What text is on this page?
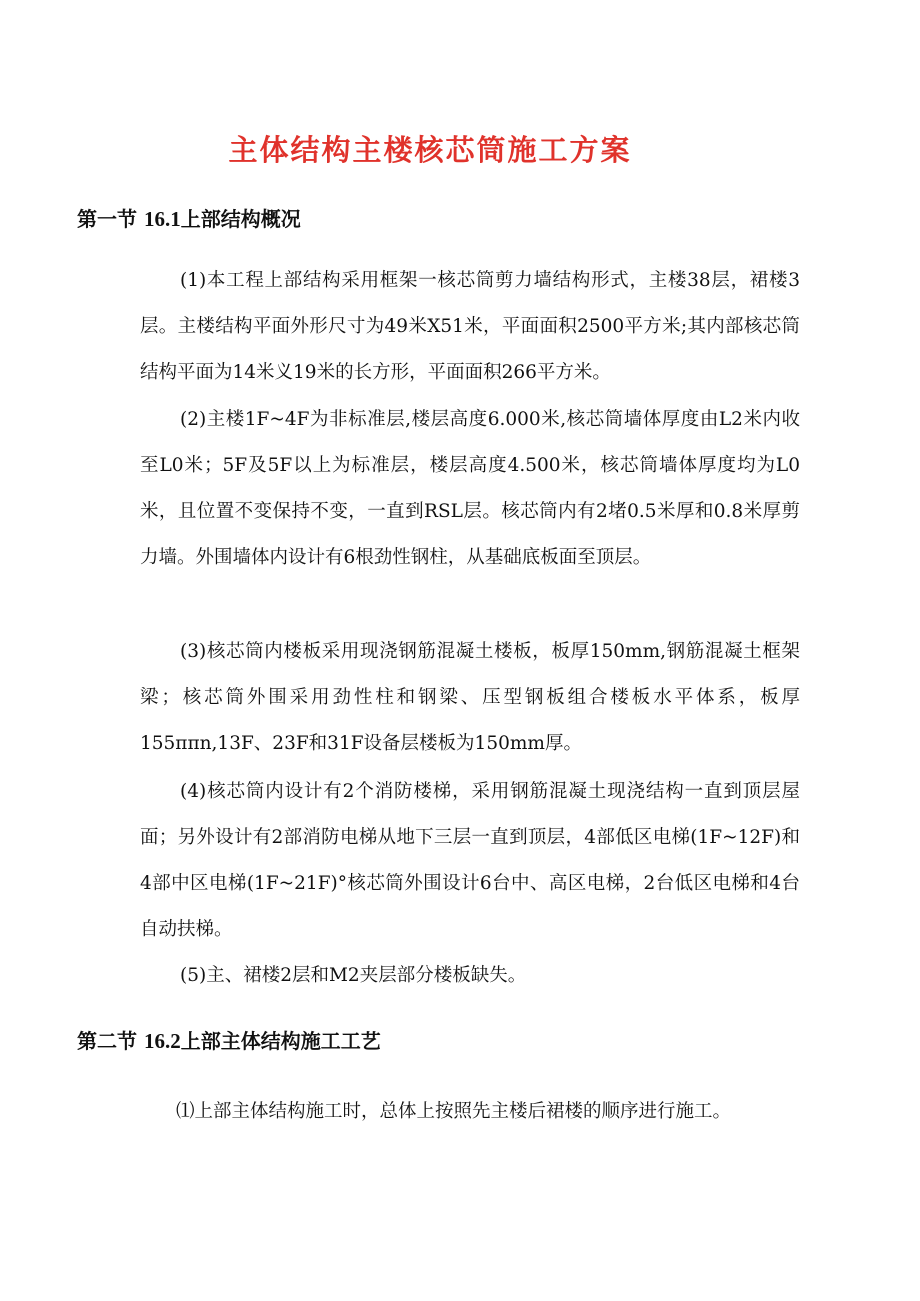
主体结构主楼核芯筒施工方案
第一节 16.1上部结构概况

(1)本工程上部结构采用框架一核芯筒剪力墙结构形式，主楼38层，裙楼3层。主楼结构平面外形尺寸为49米X51米，平面面积2500平方米;其内部核芯筒结构平面为14米义19米的长方形，平面面积266平方米。

(2)主楼1F~4F为非标准层,楼层高度6.000米,核芯筒墙体厚度由L2米内收至L0米；5F及5F以上为标准层，楼层高度4.500米，核芯筒墙体厚度均为L0米，且位置不变保持不变，一直到RSL层。核芯筒内有2堵0.5米厚和0.8米厚剪力墙。外围墙体内设计有6根劲性钢柱，从基础底板面至顶层。

(3)核芯筒内楼板采用现浇钢筋混凝土楼板，板厚150mm,钢筋混凝土框架梁；核芯筒外围采用劲性柱和钢梁、压型钢板组合楼板水平体系，板厚155ππn,13F、23F和31F设备层楼板为150mm厚。

(4)核芯筒内设计有2个消防楼梯，采用钢筋混凝土现浇结构一直到顶层屋面；另外设计有2部消防电梯从地下三层一直到顶层，4部低区电梯(1F~12F)和4部中区电梯(1F~21F)°核芯筒外围设计6台中、高区电梯，2台低区电梯和4台自动扶梯。

(5)主、裙楼2层和M2夹层部分楼板缺失。

第二节 16.2上部主体结构施工工艺

⑴上部主体结构施工时，总体上按照先主楼后裙楼的顺序进行施工。
